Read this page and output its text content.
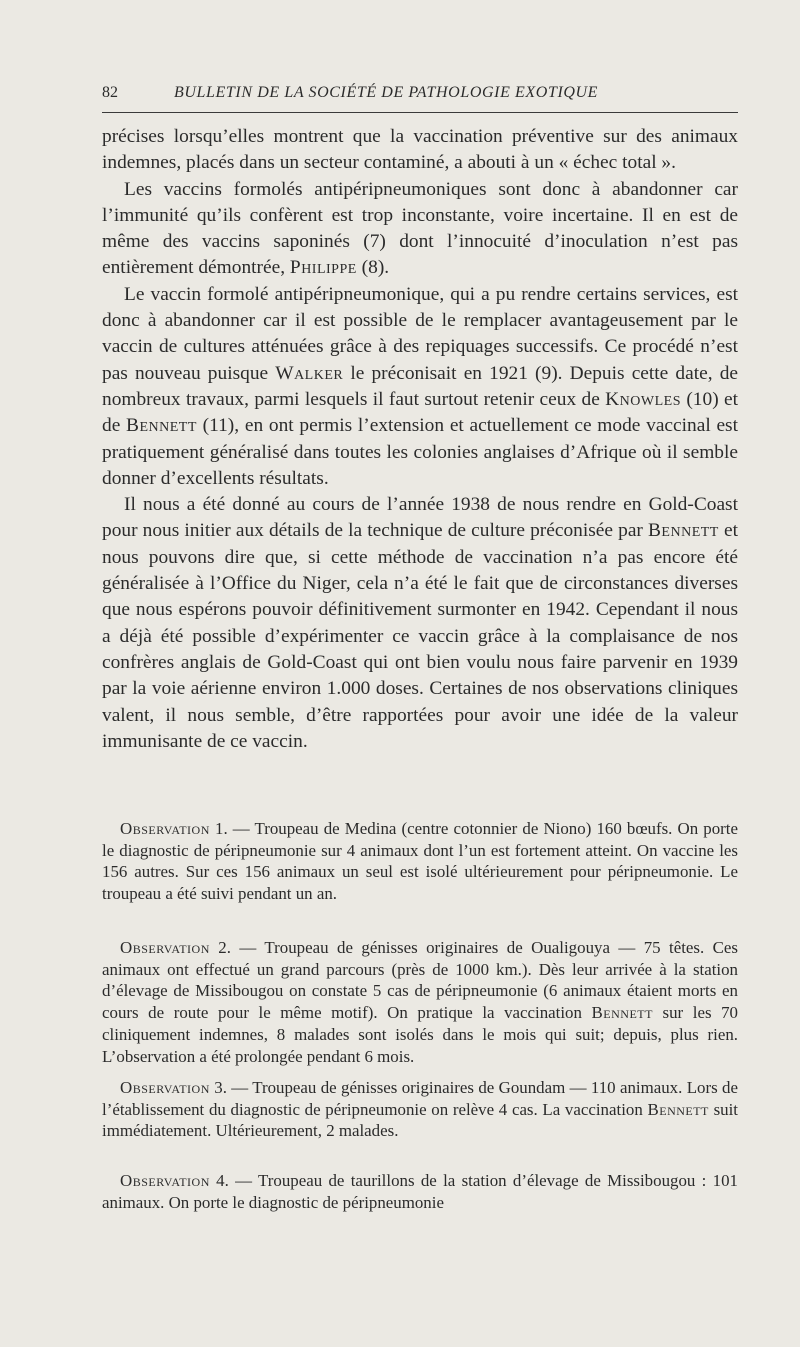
82	BULLETIN DE LA SOCIÉTÉ DE PATHOLOGIE EXOTIQUE

précises lorsqu’elles montrent que la vaccination préventive sur des animaux indemnes, placés dans un secteur contaminé, a abouti à un « échec total ».

Les vaccins formolés antipéripneumoniques sont donc à abandonner car l’immunité qu’ils confèrent est trop inconstante, voire incertaine. Il en est de même des vaccins saponinés (7) dont l’innocuité d’inoculation n’est pas entièrement démontrée, Philippe (8).

Le vaccin formolé antipéripneumonique, qui a pu rendre certains services, est donc à abandonner car il est possible de le remplacer avantageusement par le vaccin de cultures atténuées grâce à des repiquages successifs. Ce procédé n’est pas nouveau puisque Walker le préconisait en 1921 (9). Depuis cette date, de nombreux travaux, parmi lesquels il faut surtout retenir ceux de Knowles (10) et de Bennett (11), en ont permis l’extension et actuellement ce mode vaccinal est pratiquement généralisé dans toutes les colonies anglaises d’Afrique où il semble donner d’excellents résultats.

Il nous a été donné au cours de l’année 1938 de nous rendre en Gold-Coast pour nous initier aux détails de la technique de culture préconisée par Bennett et nous pouvons dire que, si cette méthode de vaccination n’a pas encore été généralisée à l’Office du Niger, cela n’a été le fait que de circonstances diverses que nous espérons pouvoir définitivement surmonter en 1942. Cependant il nous a déjà été possible d’expérimenter ce vaccin grâce à la complaisance de nos confrères anglais de Gold-Coast qui ont bien voulu nous faire parvenir en 1939 par la voie aérienne environ 1.000 doses. Certaines de nos observations cliniques valent, il nous semble, d’être rapportées pour avoir une idée de la valeur immunisante de ce vaccin.

Observation 1. — Troupeau de Medina (centre cotonnier de Niono) 160 bœufs. On porte le diagnostic de péripneumonie sur 4 animaux dont l’un est fortement atteint. On vaccine les 156 autres. Sur ces 156 animaux un seul est isolé ultérieurement pour péripneumonie. Le troupeau a été suivi pendant un an.

Observation 2. — Troupeau de génisses originaires de Oualigouya — 75 têtes. Ces animaux ont effectué un grand parcours (près de 1000 km.). Dès leur arrivée à la station d’élevage de Missibougou on constate 5 cas de péripneumonie (6 animaux étaient morts en cours de route pour le même motif). On pratique la vaccination Bennett sur les 70 cliniquement indemnes, 8 malades sont isolés dans le mois qui suit; depuis, plus rien. L’observation a été prolongée pendant 6 mois.

Observation 3. — Troupeau de génisses originaires de Goundam — 110 animaux. Lors de l’établissement du diagnostic de péripneumonie on relève 4 cas. La vaccination Bennett suit immédiatement. Ultérieurement, 2 malades.

Observation 4. — Troupeau de taurillons de la station d’élevage de Missibougou : 101 animaux. On porte le diagnostic de péripneumonie
